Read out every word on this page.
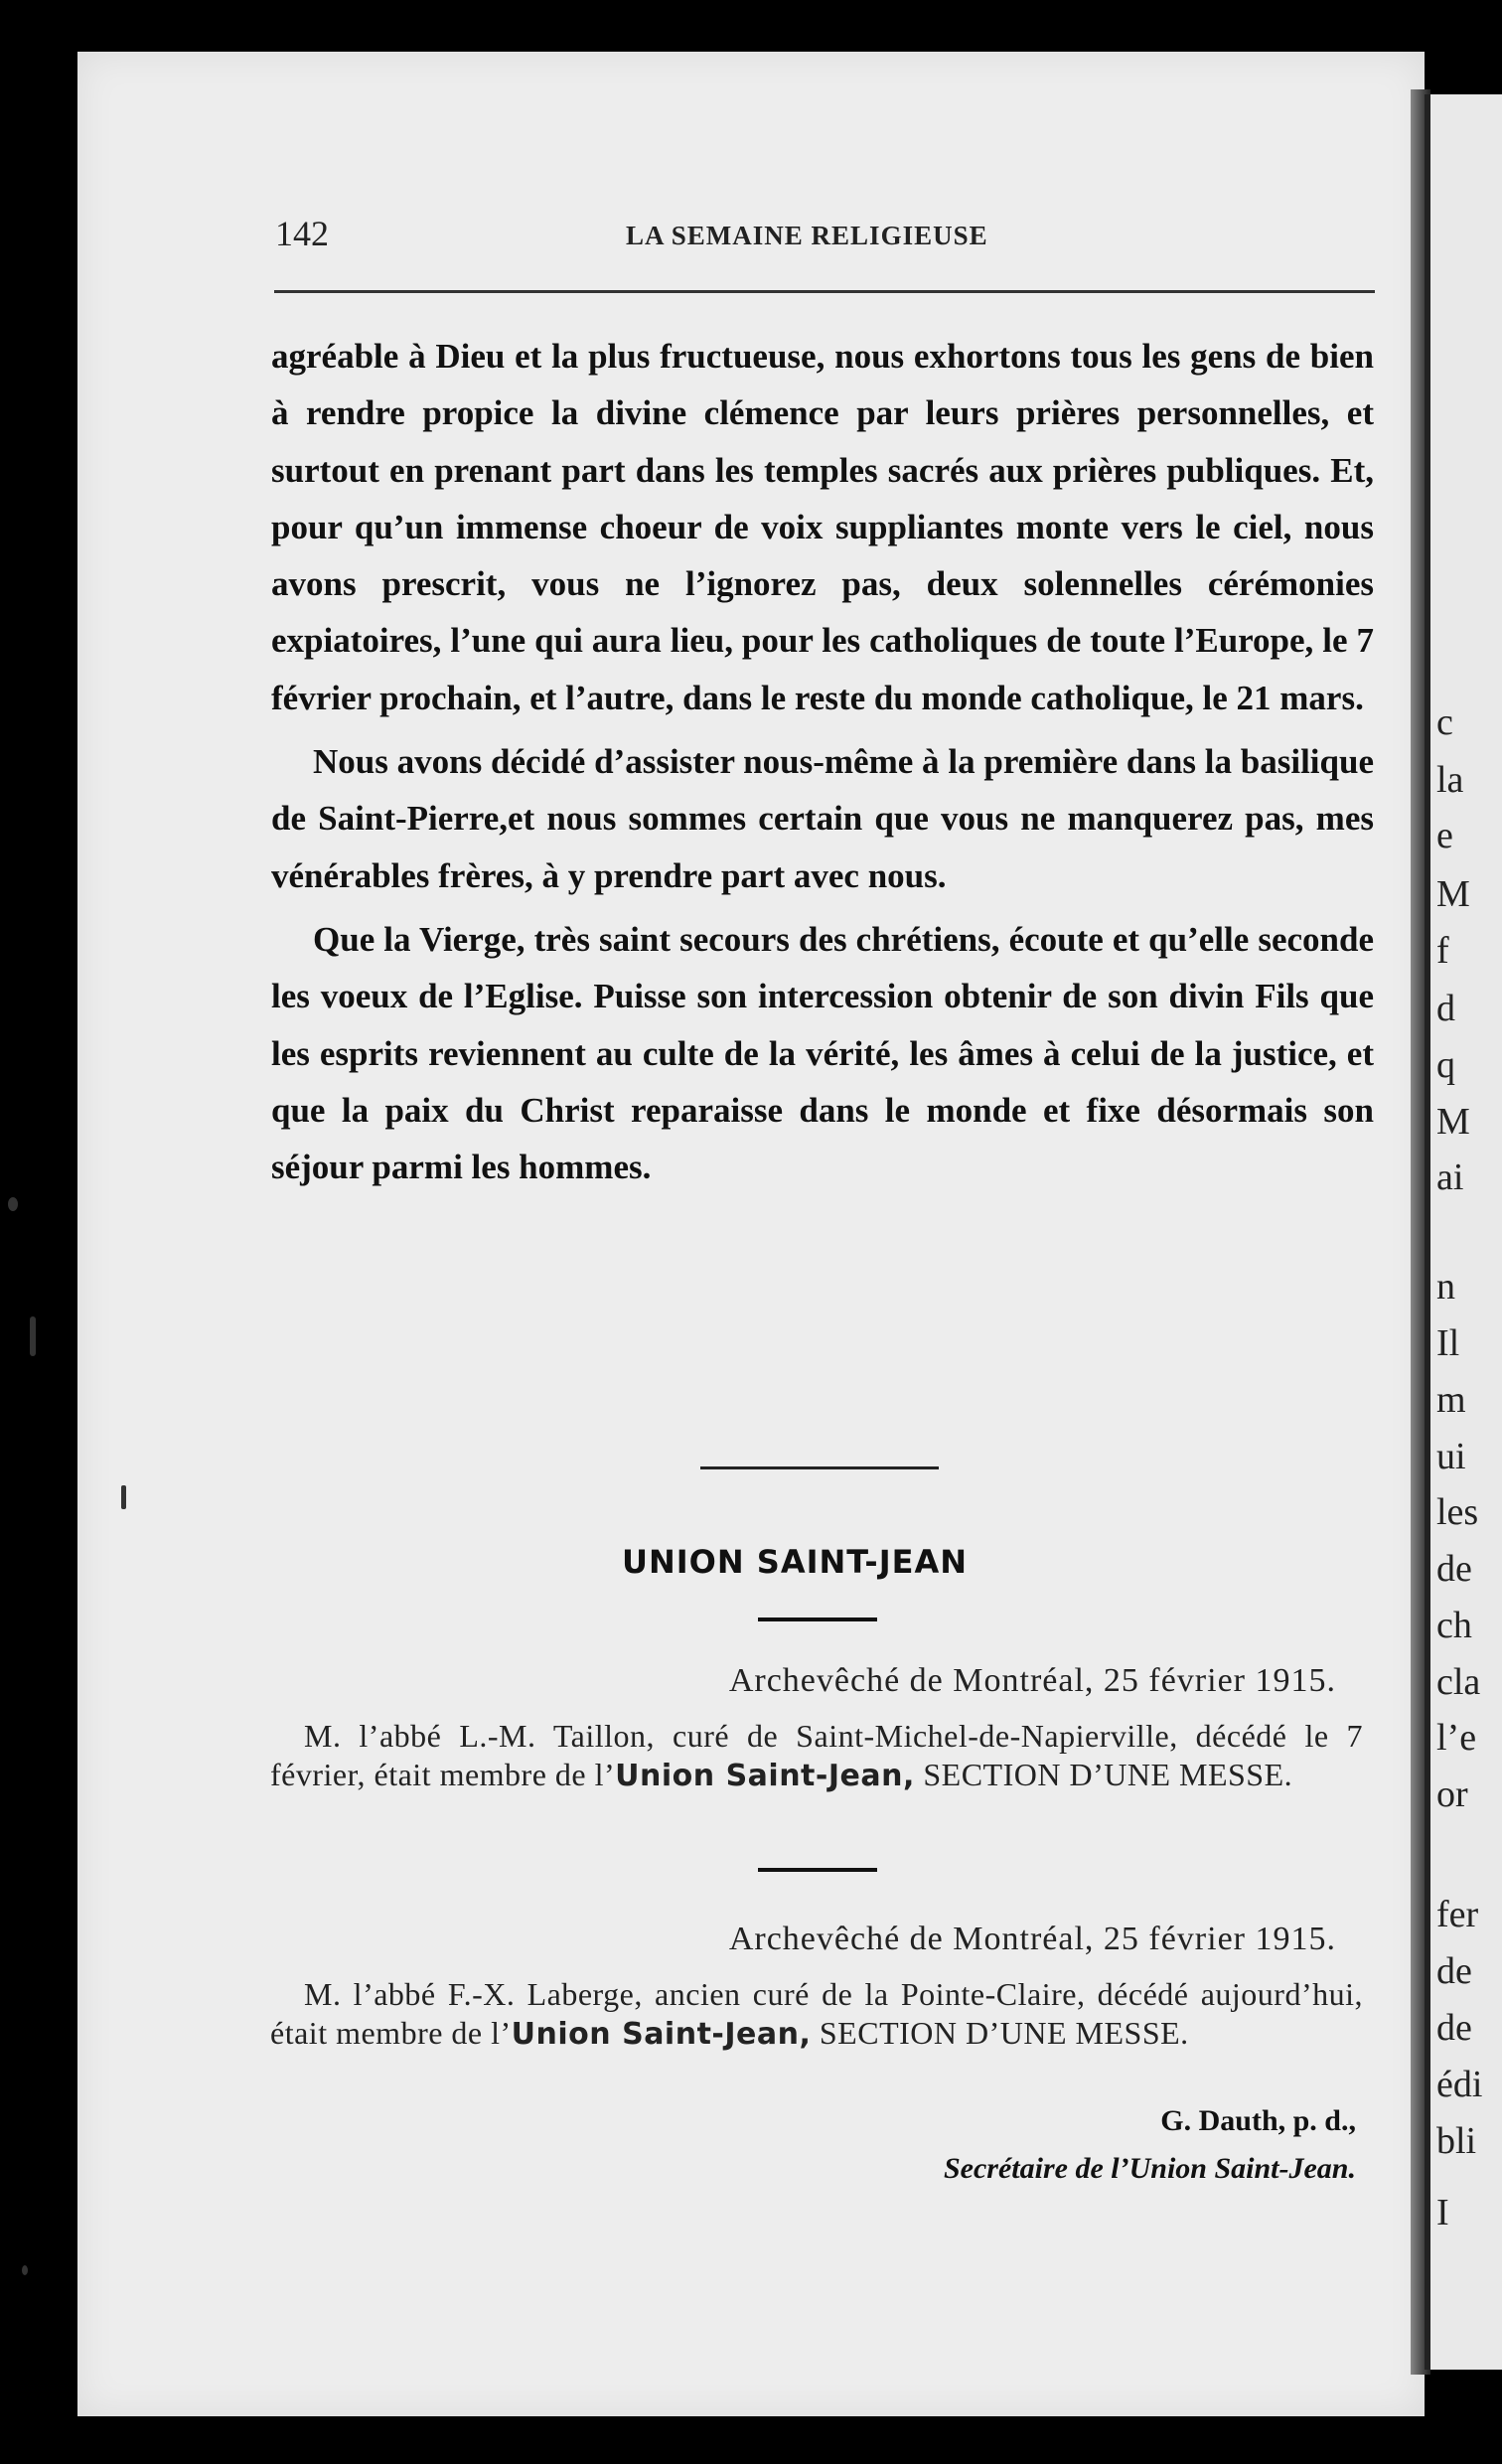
c
la
e
M
f
d
q
M
ai
n
Il
m
ui
les
de
ch
cla
l’e
or
fer
de
de
édi
bli
I
142	LA SEMAINE RELIGIEUSE

agréable à Dieu et la plus fructueuse, nous exhortons tous les gens de bien à rendre propice la divine clémence par leurs prières personnelles, et surtout en prenant part dans les temples sacrés aux prières publiques. Et, pour qu’un immense choeur de voix suppliantes monte vers le ciel, nous avons prescrit, vous ne l’ignorez pas, deux solennelles cérémonies expiatoires, l’une qui aura lieu, pour les catholiques de toute l’Europe, le 7 février prochain, et l’autre, dans le reste du monde catholique, le 21 mars.

Nous avons décidé d’assister nous-même à la première dans la basilique de Saint-Pierre,et nous sommes certain que vous ne manquerez pas, mes vénérables frères, à y prendre part avec nous.

Que la Vierge, très saint secours des chrétiens, écoute et qu’elle seconde les voeux de l’Eglise. Puisse son intercession obtenir de son divin Fils que les esprits reviennent au culte de la vérité, les âmes à celui de la justice, et que la paix du Christ reparaisse dans le monde et fixe désormais son séjour parmi les hommes.

UNION SAINT-JEAN
Archevêché de Montréal, 25 février 1915.
M. l’abbé L.-M. Taillon, curé de Saint-Michel-de-Napierville, décédé le 7 février, était membre de l’Union Saint-Jean, SECTION D’UNE MESSE.
Archevêché de Montréal, 25 février 1915.
M. l’abbé F.-X. Laberge, ancien curé de la Pointe-Claire, décédé aujourd’hui, était membre de l’Union Saint-Jean, SECTION D’UNE MESSE.
G. Dauth, p. d.,
Secrétaire de l’Union Saint-Jean.
